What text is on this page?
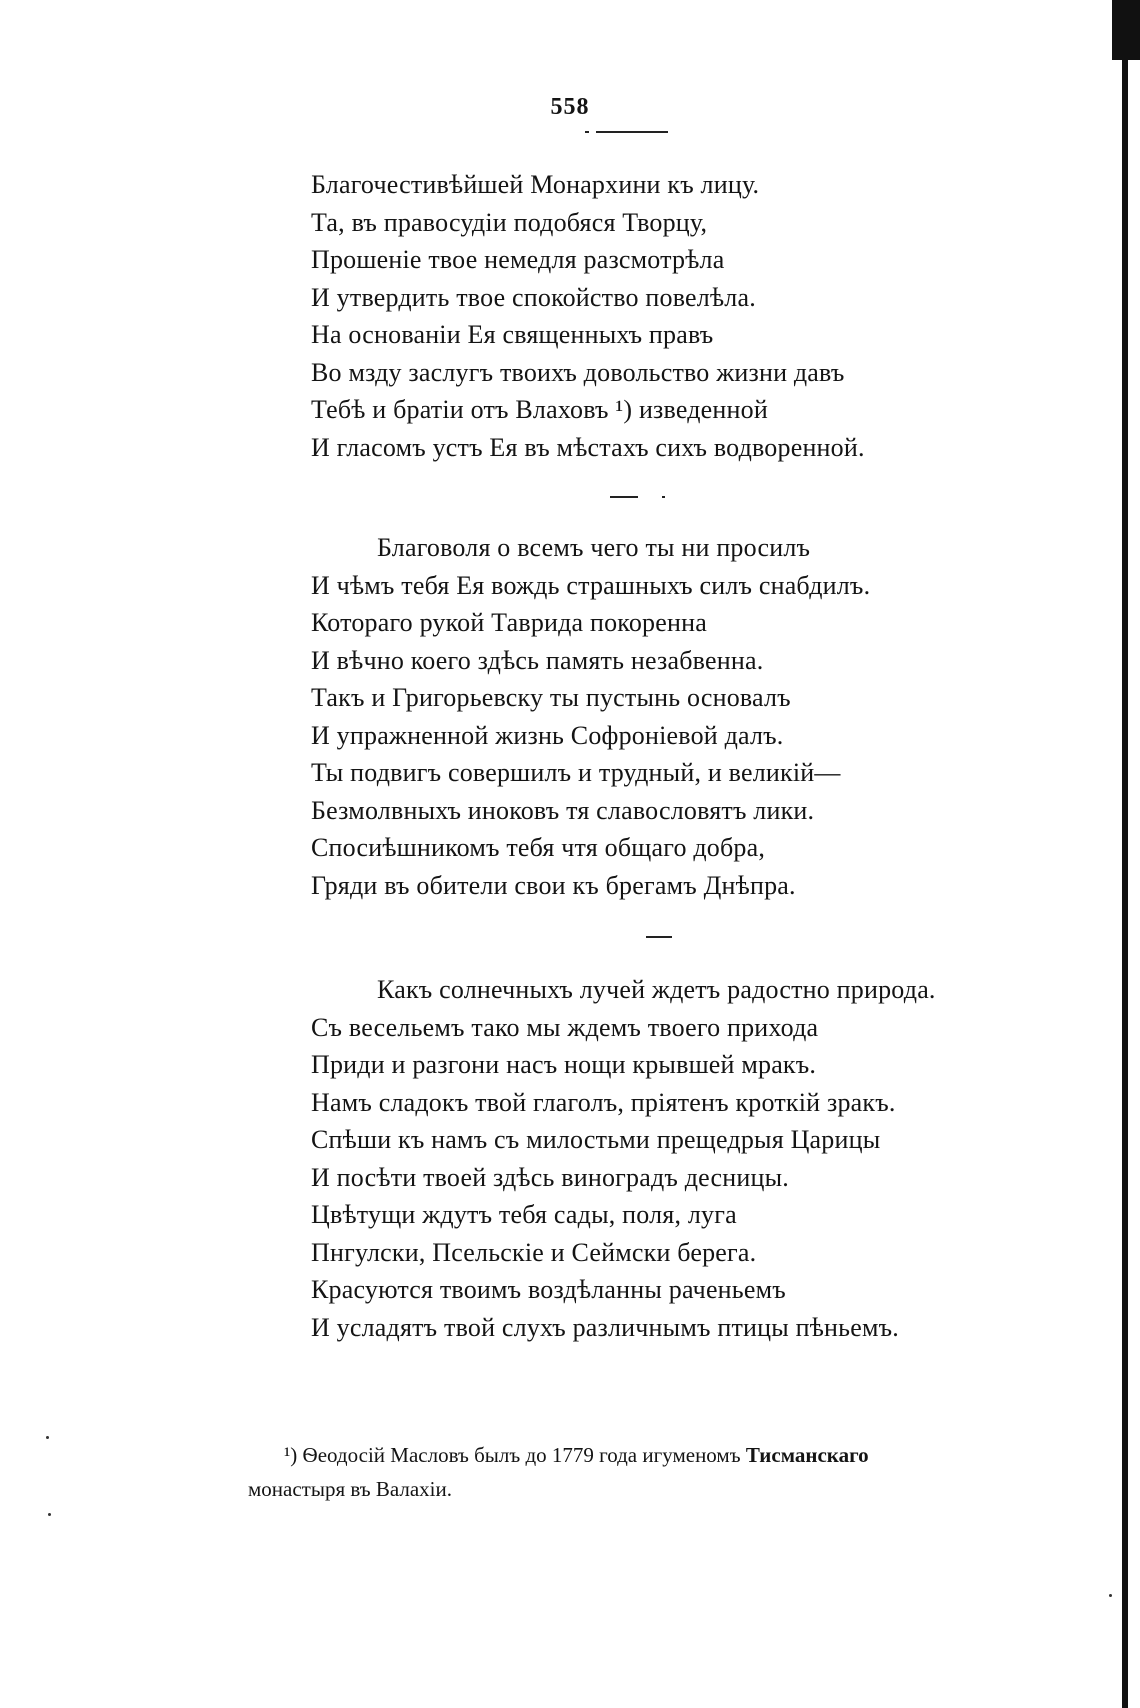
558
Благочестивѣйшей Монархини къ лицу.
Та, въ правосудіи подобяся Творцу,
Прошеніе твое немедля разсмотрѣла
И утвердить твое спокойство повелѣла.
На основаніи Ея священныхъ правъ
Во мзду заслугъ твоихъ довольство жизни давъ
Тебѣ и братіи отъ Влаховъ ¹) изведенной
И гласомъ устъ Ея въ мѣстахъ сихъ водворенной.
Благоволя о всемъ чего ты ни просилъ
И чѣмъ тебя Ея вождь страшныхъ силъ снабдилъ.
Котораго рукой Таврида покоренна
И вѣчно коего здѣсь память незабвенна.
Такъ и Григорьевску ты пустынь основалъ
И упражненной жизнь Софроніевой далъ.
Ты подвигъ совершилъ и трудный, и великій—
Безмолвныхъ иноковъ тя славословятъ лики.
Спосиѣшникомъ тебя чтя общаго добра,
Гряди въ обители свои къ брегамъ Днѣпра.
Какъ солнечныхъ лучей ждетъ радостно природа.
Съ весельемъ тако мы ждемъ твоего прихода
Приди и разгони насъ нощи крывшей мракъ.
Намъ сладокъ твой глаголъ, пріятенъ кроткій зракъ.
Спѣши къ намъ съ милостьми прещедрыя Царицы
И посѣти твоей здѣсь виноградъ десницы.
Цвѣтущи ждутъ тебя сады, поля, луга
Пнгулски, Псельскіе и Сеймски берега.
Красуются твоимъ воздѣланны раченьемъ
И усладятъ твой слухъ различнымъ птицы пѣньемъ.
¹) Ѳеодосій Масловъ былъ до 1779 года игуменомъ Тисманскаго
монастыря въ Валахіи.
